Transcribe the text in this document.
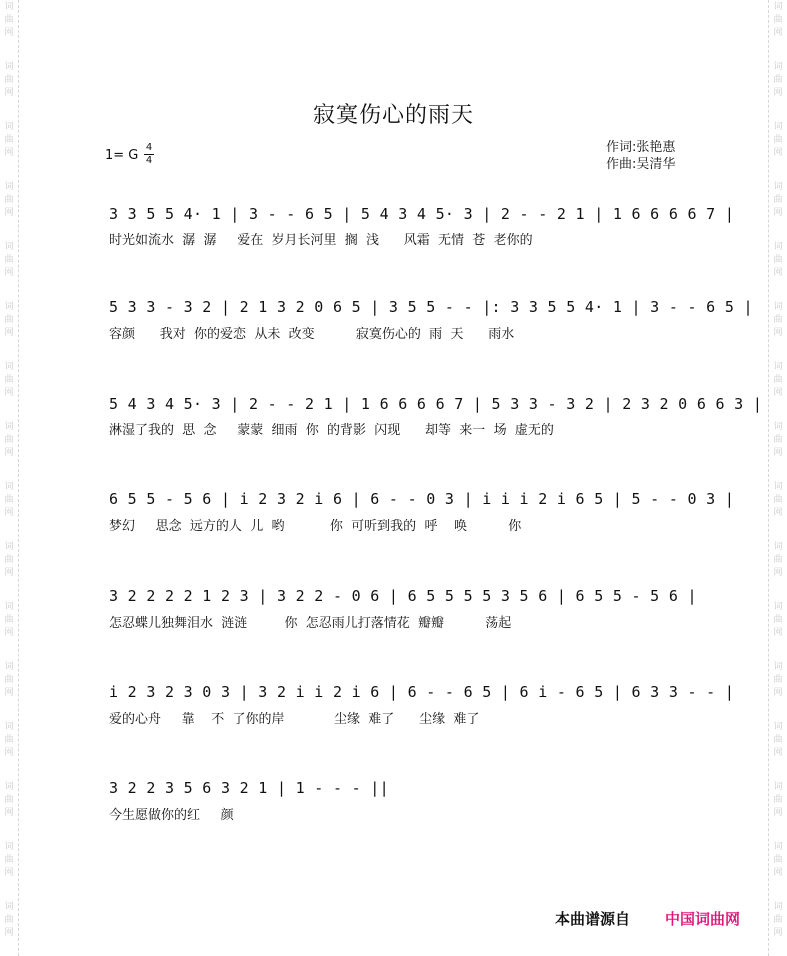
词
曲
网
词
曲
网
词
曲
网
词
曲
网
词
曲
网
词
曲
网
词
曲
网
词
曲
网
词
曲
网
词
曲
网
词
曲
网
词
曲
网
词
曲
网
词
曲
网
词
曲
网
词
曲
网
词
曲
网
词
曲
网
词
曲
网
词
曲
网
词
曲
网
词
曲
网
词
曲
网
词
曲
网
词
曲
网
词
曲
网
词
曲
网
词
曲
网
词
曲
网
词
曲
网
词
曲
网
词
曲
网
寂寞伤心的雨天
作词:张艳惠
作曲:吴清华
1= G
4
4
3 3 5 5 4· 1 | 3 - - 6 5 | 5 4 3 4 5· 3 | 2 - - 2 1 | 1 6 6 6 6 7 |
时光如流水  潺  潺     爱在  岁月长河里  搁  浅      风霜  无情  苍  老你的
5 3 3 - 3 2 | 2 1 3 2 0 6 5 | 3 5 5 - - |: 3 3 5 5 4· 1 | 3 - - 6 5 |
容颜      我对  你的爱恋  从未  改变          寂寞伤心的  雨  天      雨水
5 4 3 4 5· 3 | 2 - - 2 1 | 1 6 6 6 6 7 | 5 3 3 - 3 2 | 2 3 2 0 6 6 3 |
淋湿了我的  思  念     蒙蒙  细雨  你  的背影  闪现      却等  来一  场  虚无的
6 5 5 - 5 6 | i 2 3 2 i 6 | 6 - - 0 3 | i i i 2 i 6 5 | 5 - - 0 3 |
梦幻     思念  远方的人  儿  哟           你  可听到我的  呼    唤          你
3 2 2 2 2 1 2 3 | 3 2 2 - 0 6 | 6 5 5 5 5 3 5 6 | 6 5 5 - 5 6 |
怎忍蝶儿独舞泪水  涟涟         你  怎忍雨儿打落情花  瓣瓣          荡起
i 2 3 2 3 0 3 | 3 2 i i 2 i 6 | 6 - - 6 5 | 6 i - 6 5 | 6 3 3 - - |
爱的心舟     靠    不  了你的岸            尘缘  难了      尘缘  难了
3 2 2 3 5 6 3 2 1 | 1 - - - ||
今生愿做你的红     颜
本曲谱源自 中国词曲网
